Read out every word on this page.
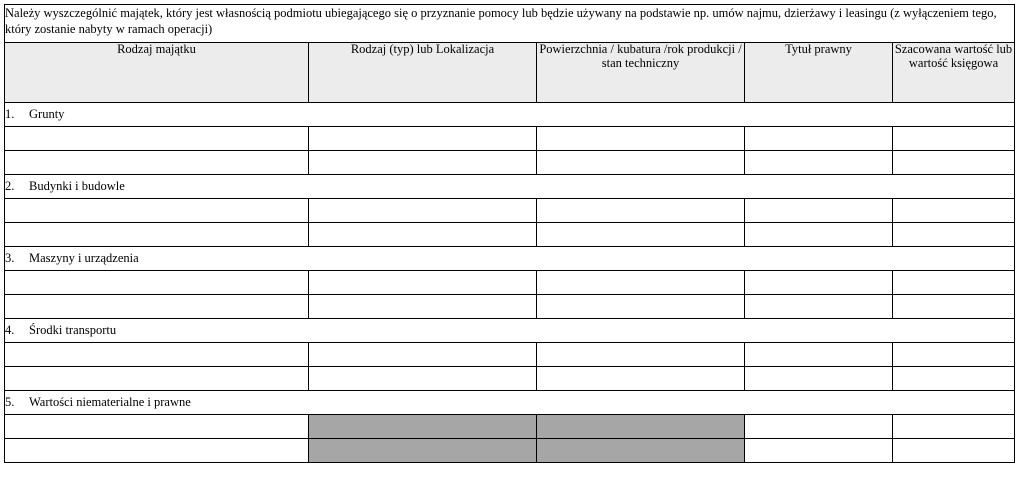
Należy wyszczególnić majątek, który jest własnością podmiotu ubiegającego się o przyznanie pomocy lub będzie używany na podstawie np. umów najmu, dzierżawy i leasingu (z wyłączeniem tego, który zostanie nabyty w ramach operacji)				
Rodzaj majątku	Rodzaj (typ) lub Lokalizacja	Powierzchnia / kubatura /rok produkcji / stan techniczny	Tytuł prawny	Szacowana wartość lub wartość księgowa
1. Grunty				

2. Budynki i budowle				

3. Maszyny i urządzenia				

4. Środki transportu				

5. Wartości niematerialne i prawne				
